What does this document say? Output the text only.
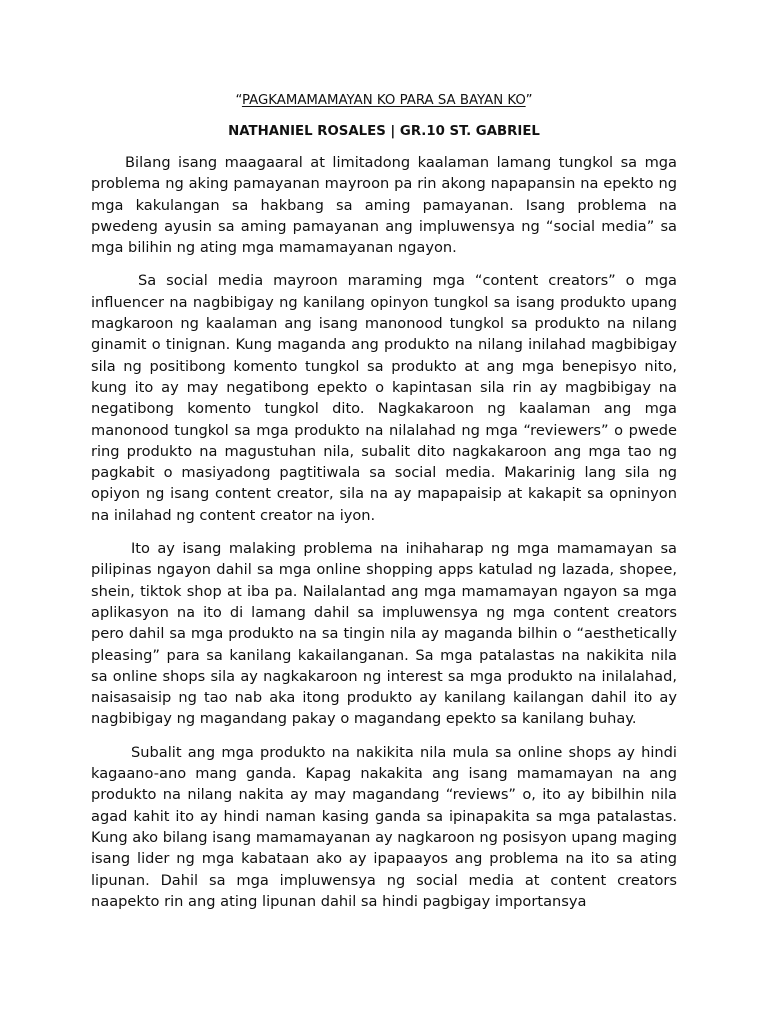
“PAGKAMAMAMAYAN KO PARA SA BAYAN KO”
NATHANIEL ROSALES | GR.10 ST. GABRIEL

Bilang isang maagaaral at limitadong kaalaman lamang tungkol sa mga problema ng aking pamayanan mayroon pa rin akong napapansin na epekto ng mga kakulangan sa hakbang sa aming pamayanan. Isang problema na pwedeng ayusin sa aming pamayanan ang impluwensya ng “social media” sa mga bilihin ng ating mga mamamayanan ngayon.

Sa social media mayroon maraming mga “content creators” o mga influencer na nagbibigay ng kanilang opinyon tungkol sa isang produkto upang magkaroon ng kaalaman ang isang manonood tungkol sa produkto na nilang ginamit o tinignan. Kung maganda ang produkto na nilang inilahad magbibigay sila ng positibong komento tungkol sa produkto at ang mga benepisyo nito, kung ito ay may negatibong epekto o kapintasan sila rin ay magbibigay na negatibong komento tungkol dito. Nagkakaroon ng kaalaman ang mga manonood tungkol sa mga produkto na nilalahad ng mga “reviewers” o pwede ring produkto na magustuhan nila, subalit dito nagkakaroon ang mga tao ng pagkabit o masiyadong pagtitiwala sa social media. Makarinig lang sila ng opiyon ng isang content creator, sila na ay mapapaisip at kakapit sa opninyon na inilahad ng content creator na iyon.

Ito ay isang malaking problema na inihaharap ng mga mamamayan sa pilipinas ngayon dahil sa mga online shopping apps katulad ng lazada, shopee, shein, tiktok shop at iba pa. Nailalantad ang mga mamamayan ngayon sa mga aplikasyon na ito di lamang dahil sa impluwensya ng mga content creators pero dahil sa mga produkto na sa tingin nila ay maganda bilhin o “aesthetically pleasing” para sa kanilang kakailanganan. Sa mga patalastas na nakikita nila sa online shops sila ay nagkakaroon ng interest sa mga produkto na inilalahad, naisasaisip ng tao nab aka itong produkto ay kanilang kailangan dahil ito ay nagbibigay ng magandang pakay o magandang epekto sa kanilang buhay.

Subalit ang mga produkto na nakikita nila mula sa online shops ay hindi kagaano-ano mang ganda. Kapag nakakita ang isang mamamayan na ang produkto na nilang nakita ay may magandang “reviews” o, ito ay bibilhin nila agad kahit ito ay hindi naman kasing ganda sa ipinapakita sa mga patalastas. Kung ako bilang isang mamamayanan ay nagkaroon ng posisyon upang maging isang lider ng mga kabataan ako ay ipapaayos ang problema na ito sa ating lipunan. Dahil sa mga impluwensya ng social media at content creators naapekto rin ang ating lipunan dahil sa hindi pagbigay importansya
